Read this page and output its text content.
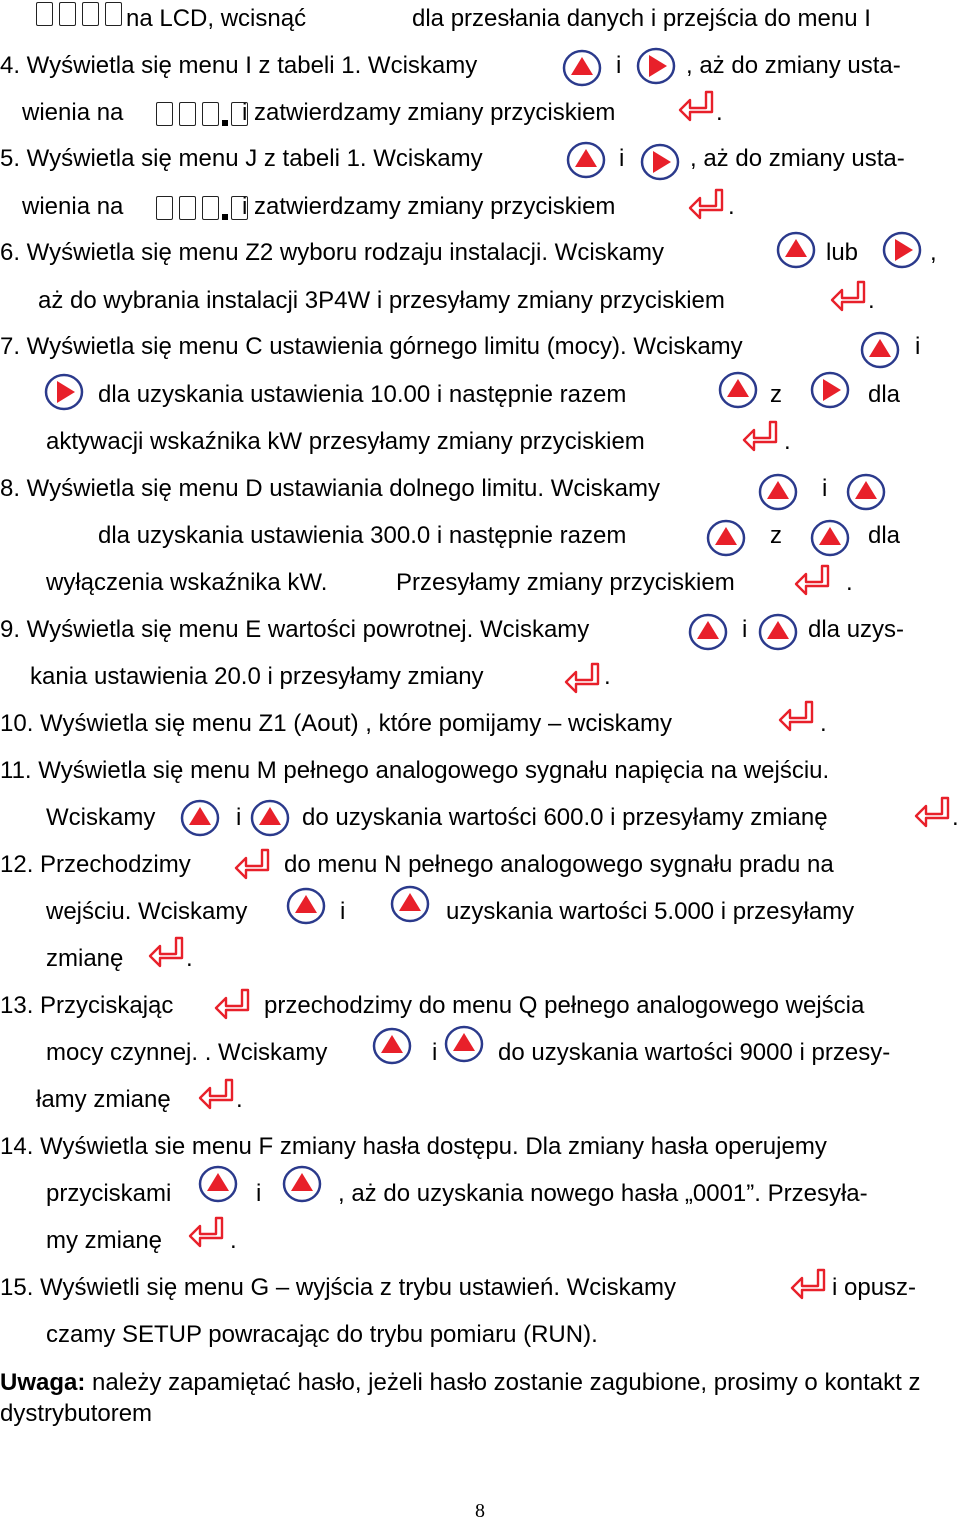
na LCD, wcisnąć	dla przesłania danych i przejścia do menu I
4. Wyświetla się menu I z tabeli 1. Wciskamy	i	, aż do zmiany usta-
wienia na	i zatwierdzamy zmiany przyciskiem	.
5. Wyświetla się menu J z tabeli 1. Wciskamy	i	, aż do zmiany usta-
wienia na	i zatwierdzamy zmiany przyciskiem	.
6. Wyświetla się menu Z2 wyboru rodzaju instalacji. Wciskamy	lub	,
aż do wybrania instalacji 3P4W i przesyłamy zmiany przyciskiem	.
7. Wyświetla się menu C ustawienia górnego limitu (mocy). Wciskamy	i
dla uzyskania ustawienia 10.00 i następnie razem	z	dla
aktywacji wskaźnika kW przesyłamy zmiany przyciskiem	.
8. Wyświetla się menu D ustawiania dolnego limitu. Wciskamy	i
dla uzyskania ustawienia 300.0 i następnie razem	z	dla
wyłączenia wskaźnika kW.	Przesyłamy zmiany przyciskiem	.
9. Wyświetla się menu E wartości powrotnej. Wciskamy	i	dla uzys-
kania ustawienia 20.0 i przesyłamy zmiany	.
10. Wyświetla się menu Z1 (Aout) , które pomijamy – wciskamy	.
11. Wyświetla się menu M pełnego analogowego sygnału napięcia na wejściu.
Wciskamy	i	do uzyskania wartości 600.0 i przesyłamy zmianę	.
12. Przechodzimy	do menu N pełnego analogowego sygnału pradu na
wejściu. Wciskamy	i	uzyskania wartości 5.000 i przesyłamy
zmianę	.
13. Przyciskając	przechodzimy do menu Q pełnego analogowego wejścia
mocy czynnej. . Wciskamy	i	do uzyskania wartości 9000 i przesy-
łamy zmianę	.
14. Wyświetla sie menu F zmiany hasła dostępu. Dla zmiany hasła operujemy
przyciskami	i	, aż do uzyskania nowego hasła „0001”. Przesyła-
my zmianę	.
15. Wyświetli się menu G – wyjścia z trybu ustawień. Wciskamy	i opusz-
czamy SETUP powracając do trybu pomiaru (RUN).
Uwaga: należy zapamiętać hasło, jeżeli hasło zostanie zagubione, prosimy o kontakt z dystrybutorem
8
